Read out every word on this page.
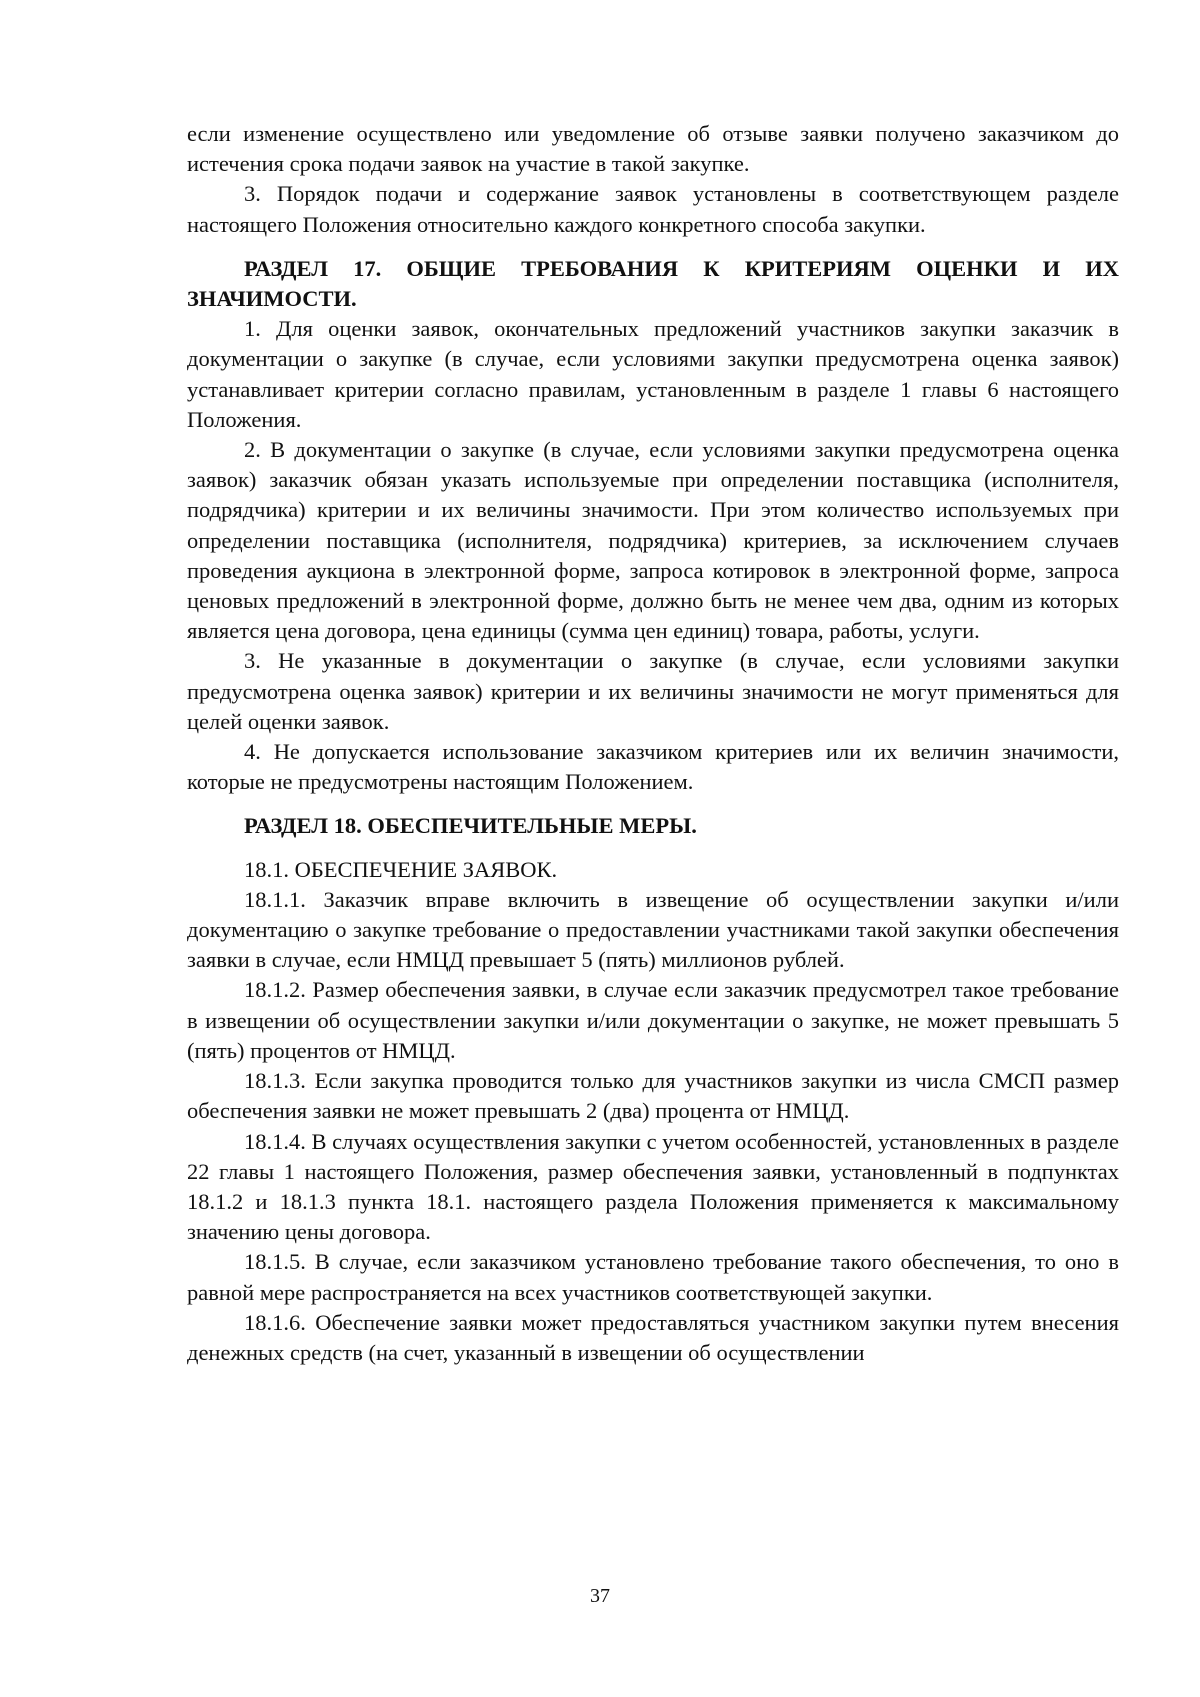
если изменение осуществлено или уведомление об отзыве заявки получено заказчиком до истечения срока подачи заявок на участие в такой закупке.

3. Порядок подачи и содержание заявок установлены в соответствующем разделе настоящего Положения относительно каждого конкретного способа закупки.

РАЗДЕЛ 17. ОБЩИЕ ТРЕБОВАНИЯ К КРИТЕРИЯМ ОЦЕНКИ И ИХ ЗНАЧИМОСТИ.

1. Для оценки заявок, окончательных предложений участников закупки заказчик в документации о закупке (в случае, если условиями закупки предусмотрена оценка заявок) устанавливает критерии согласно правилам, установленным в разделе 1 главы 6 настоящего Положения.

2. В документации о закупке (в случае, если условиями закупки предусмотрена оценка заявок) заказчик обязан указать используемые при определении поставщика (исполнителя, подрядчика) критерии и их величины значимости. При этом количество используемых при определении поставщика (исполнителя, подрядчика) критериев, за исключением случаев проведения аукциона в электронной форме, запроса котировок в электронной форме, запроса ценовых предложений в электронной форме, должно быть не менее чем два, одним из которых является цена договора, цена единицы (сумма цен единиц) товара, работы, услуги.

3. Не указанные в документации о закупке (в случае, если условиями закупки предусмотрена оценка заявок) критерии и их величины значимости не могут применяться для целей оценки заявок.

4. Не допускается использование заказчиком критериев или их величин значимости, которые не предусмотрены настоящим Положением.

РАЗДЕЛ 18. ОБЕСПЕЧИТЕЛЬНЫЕ МЕРЫ.

18.1. ОБЕСПЕЧЕНИЕ ЗАЯВОК.

18.1.1. Заказчик вправе включить в извещение об осуществлении закупки и/или документацию о закупке требование о предоставлении участниками такой закупки обеспечения заявки в случае, если НМЦД превышает 5 (пять) миллионов рублей.

18.1.2. Размер обеспечения заявки, в случае если заказчик предусмотрел такое требование в извещении об осуществлении закупки и/или документации о закупке, не может превышать 5 (пять) процентов от НМЦД.

18.1.3. Если закупка проводится только для участников закупки из числа СМСП размер обеспечения заявки не может превышать 2 (два) процента от НМЦД.

18.1.4. В случаях осуществления закупки с учетом особенностей, установленных в разделе 22 главы 1 настоящего Положения, размер обеспечения заявки, установленный в подпунктах 18.1.2 и 18.1.3 пункта 18.1. настоящего раздела Положения применяется к максимальному значению цены договора.

18.1.5. В случае, если заказчиком установлено требование такого обеспечения, то оно в равной мере распространяется на всех участников соответствующей закупки.

18.1.6. Обеспечение заявки может предоставляться участником закупки путем внесения денежных средств (на счет, указанный в извещении об осуществлении

37
